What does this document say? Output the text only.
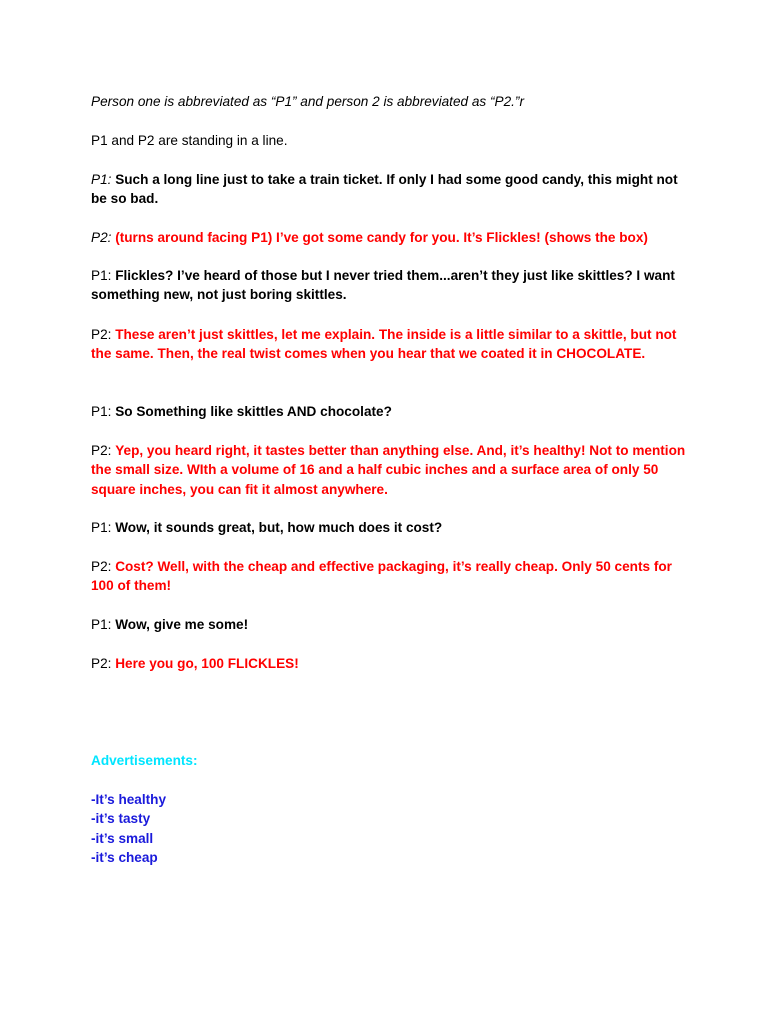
Person one is abbreviated as “P1” and person 2 is abbreviated as “P2.”r

P1 and P2 are standing in a line.

P1: Such a long line just to take a train ticket. If only I had some good candy, this might not be so bad.

P2: (turns around facing P1) I’ve got some candy for you. It’s Flickles! (shows the box)

P1: Flickles? I’ve heard of those but I never tried them...aren’t they just like skittles? I want something new, not just boring skittles.

P2: These aren’t just skittles, let me explain. The inside is a little similar to a skittle, but not the same. Then, the real twist comes when you hear that we coated it in CHOCOLATE.

P1: So Something like skittles AND chocolate?

P2: Yep, you heard right, it tastes better than anything else. And, it’s healthy! Not to mention the small size. WIth a volume of 16 and a half cubic inches and a surface area of only 50 square inches, you can fit it almost anywhere.

P1: Wow, it sounds great, but, how much does it cost?

P2: Cost? Well, with the cheap and effective packaging, it’s really cheap. Only 50 cents for 100 of them!

P1: Wow, give me some!

P2: Here you go, 100 FLICKLES!

Advertisements:

-It’s healthy
-it’s tasty
-it’s small
-it’s cheap
